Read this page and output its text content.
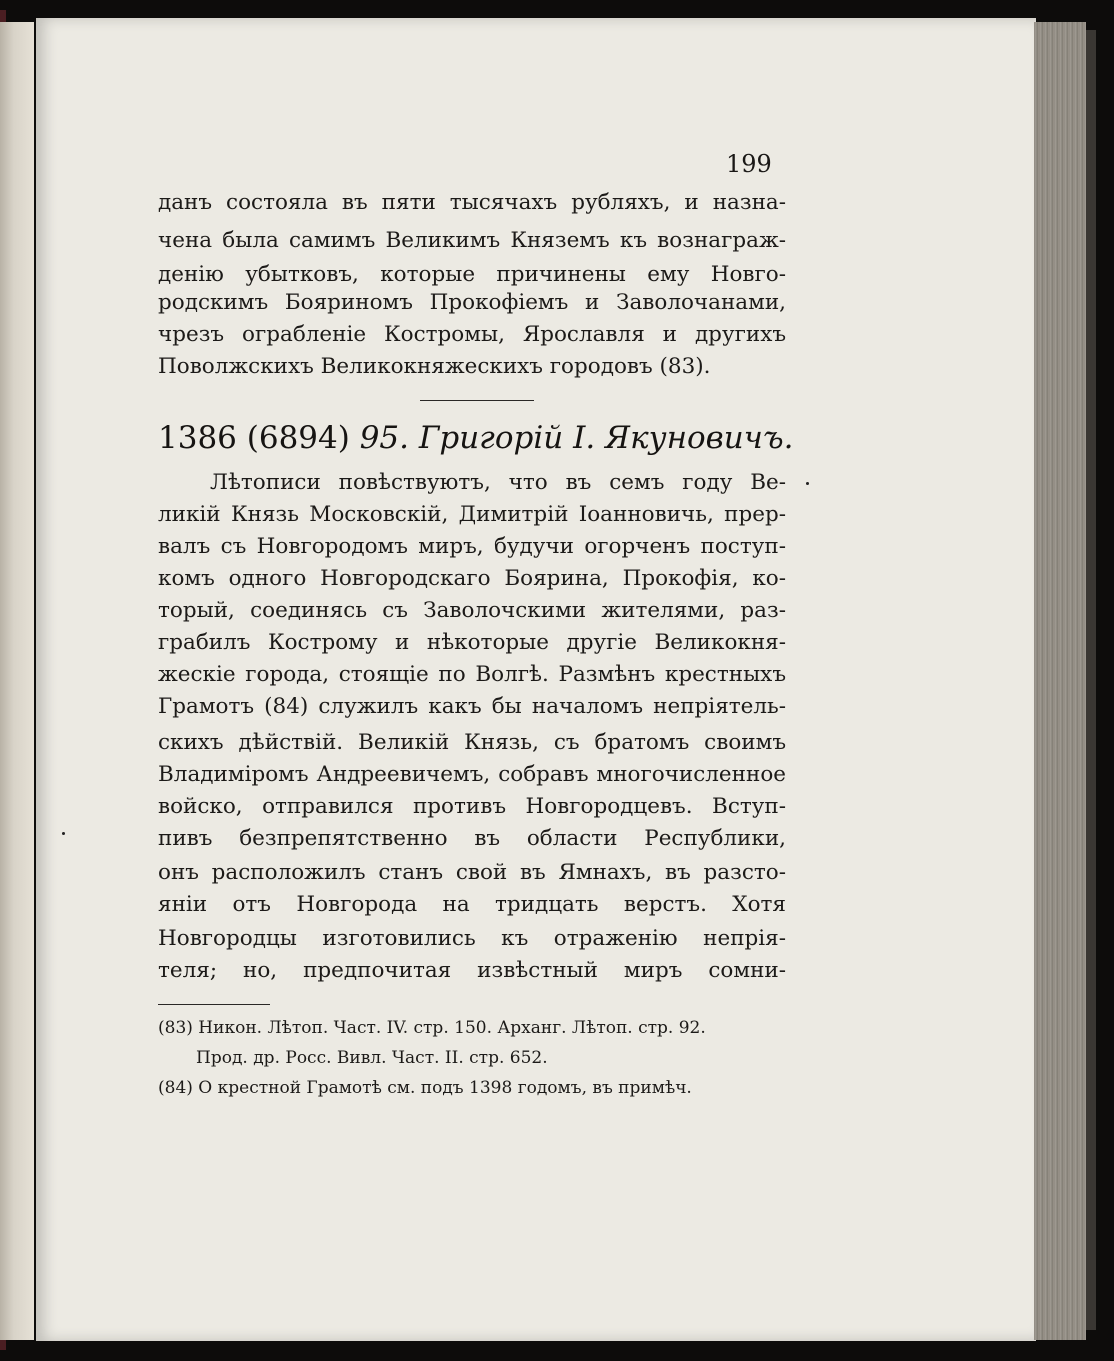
199
данъ состояла въ пяти тысячахъ рубляхъ, и назна-
чена была самимъ Великимъ Княземъ къ вознаграж-
денію убытковъ, которые причинены ему Новго-
родскимъ Бояриномъ Прокофіемъ и Заволочанами,
чрезъ ограбленіе Костромы, Ярославля и другихъ
Поволжскихъ Великокняжескихъ городовъ (83).
1386 (6894) 95. Григорій I. Якуновичъ.
Лѣтописи повѣствуютъ, что въ семъ году Ве-
ликій Князь Московскій, Димитрій Іоанновичь, прер-
валъ съ Новгородомъ миръ, будучи огорченъ поступ-
комъ одного Новгородскаго Боярина, Прокофія, ко-
торый, соединясь съ Заволочскими жителями, раз-
грабилъ Кострому и нѣкоторые другіе Великокня-
жескіе города, стоящіе по Волгѣ. Размѣнъ крестныхъ
Грамотъ (84) служилъ какъ бы началомъ непріятель-
скихъ дѣйствій. Великій Князь, съ братомъ своимъ
Владиміромъ Андреевичемъ, собравъ многочисленное
войско, отправился противъ Новгородцевъ. Вступ-
пивъ безпрепятственно въ области Республики,
онъ расположилъ станъ свой въ Ямнахъ, въ разсто-
яніи отъ Новгорода на тридцать верстъ. Хотя
Новгородцы изготовились къ отраженію непрія-
теля; но, предпочитая извѣстный миръ сомни-
(83) Никон. Лѣтоп. Част. IV. стр. 150. Арханг. Лѣтоп. стр. 92.
Прод. др. Росс. Вивл. Част. II. стр. 652.
(84) О крестной Грамотѣ см. подъ 1398 годомъ, въ примѣч.
